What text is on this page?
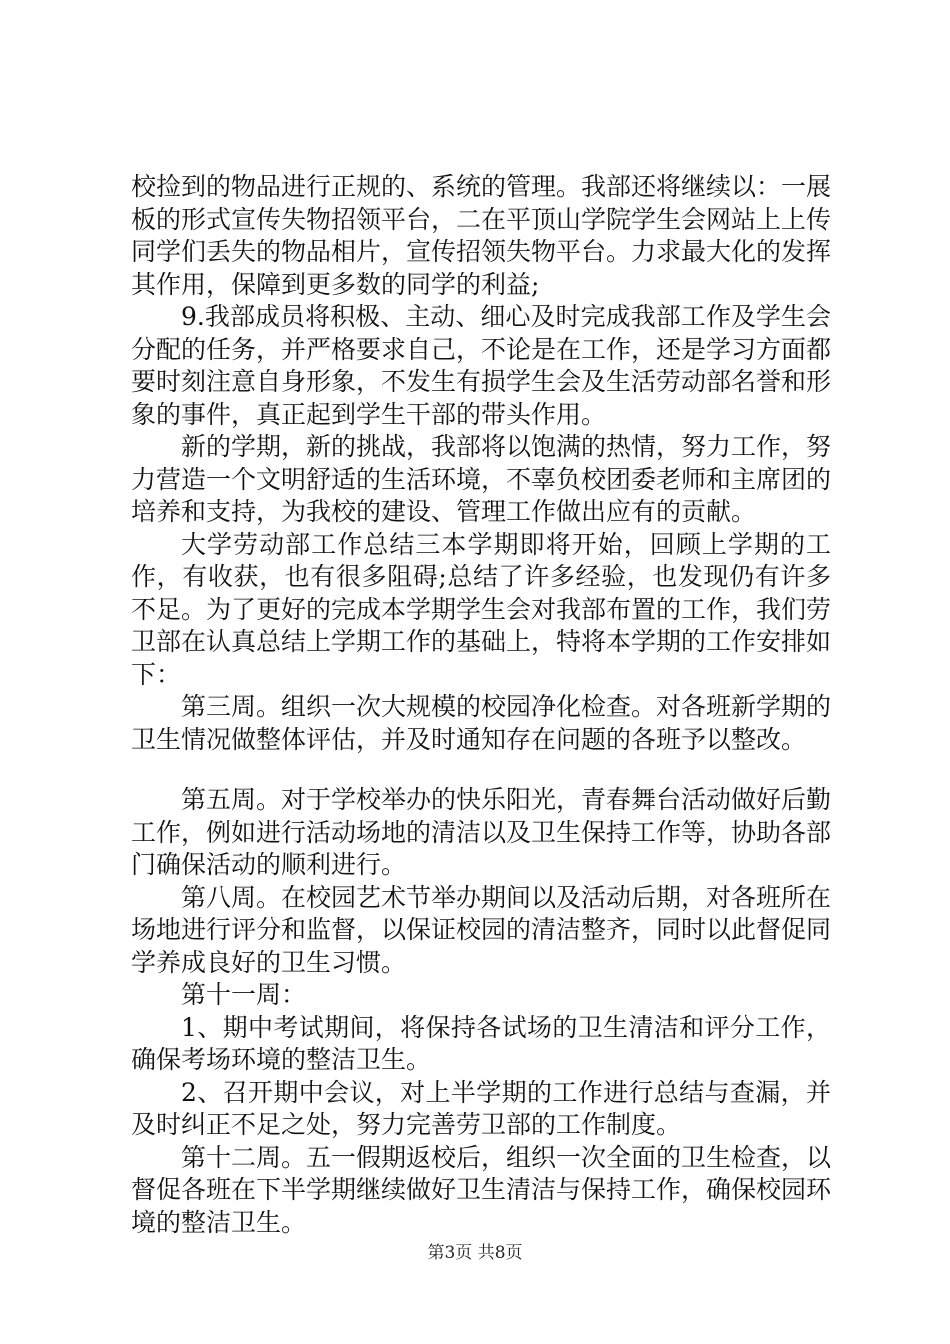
校捡到的物品进行正规的、系统的管理。我部还将继续以：一展板的形式宣传失物招领平台，二在平顶山学院学生会网站上上传同学们丢失的物品相片，宣传招领失物平台。力求最大化的发挥其作用，保障到更多数的同学的利益;

9.我部成员将积极、主动、细心及时完成我部工作及学生会分配的任务，并严格要求自己，不论是在工作，还是学习方面都要时刻注意自身形象，不发生有损学生会及生活劳动部名誉和形象的事件，真正起到学生干部的带头作用。

新的学期，新的挑战，我部将以饱满的热情，努力工作，努力营造一个文明舒适的生活环境，不辜负校团委老师和主席团的培养和支持，为我校的建设、管理工作做出应有的贡献。

大学劳动部工作总结三本学期即将开始，回顾上学期的工作，有收获，也有很多阻碍;总结了许多经验，也发现仍有许多不足。为了更好的完成本学期学生会对我部布置的工作，我们劳卫部在认真总结上学期工作的基础上，特将本学期的工作安排如下：

第三周。组织一次大规模的校园净化检查。对各班新学期的卫生情况做整体评估，并及时通知存在问题的各班予以整改。

第五周。对于学校举办的快乐阳光，青春舞台活动做好后勤工作，例如进行活动场地的清洁以及卫生保持工作等，协助各部门确保活动的顺利进行。

第八周。在校园艺术节举办期间以及活动后期，对各班所在场地进行评分和监督，以保证校园的清洁整齐，同时以此督促同学养成良好的卫生习惯。

第十一周：

1、期中考试期间，将保持各试场的卫生清洁和评分工作，确保考场环境的整洁卫生。

2、召开期中会议，对上半学期的工作进行总结与查漏，并及时纠正不足之处，努力完善劳卫部的工作制度。

第十二周。五一假期返校后，组织一次全面的卫生检查，以督促各班在下半学期继续做好卫生清洁与保持工作，确保校园环境的整洁卫生。

第3页 共8页
